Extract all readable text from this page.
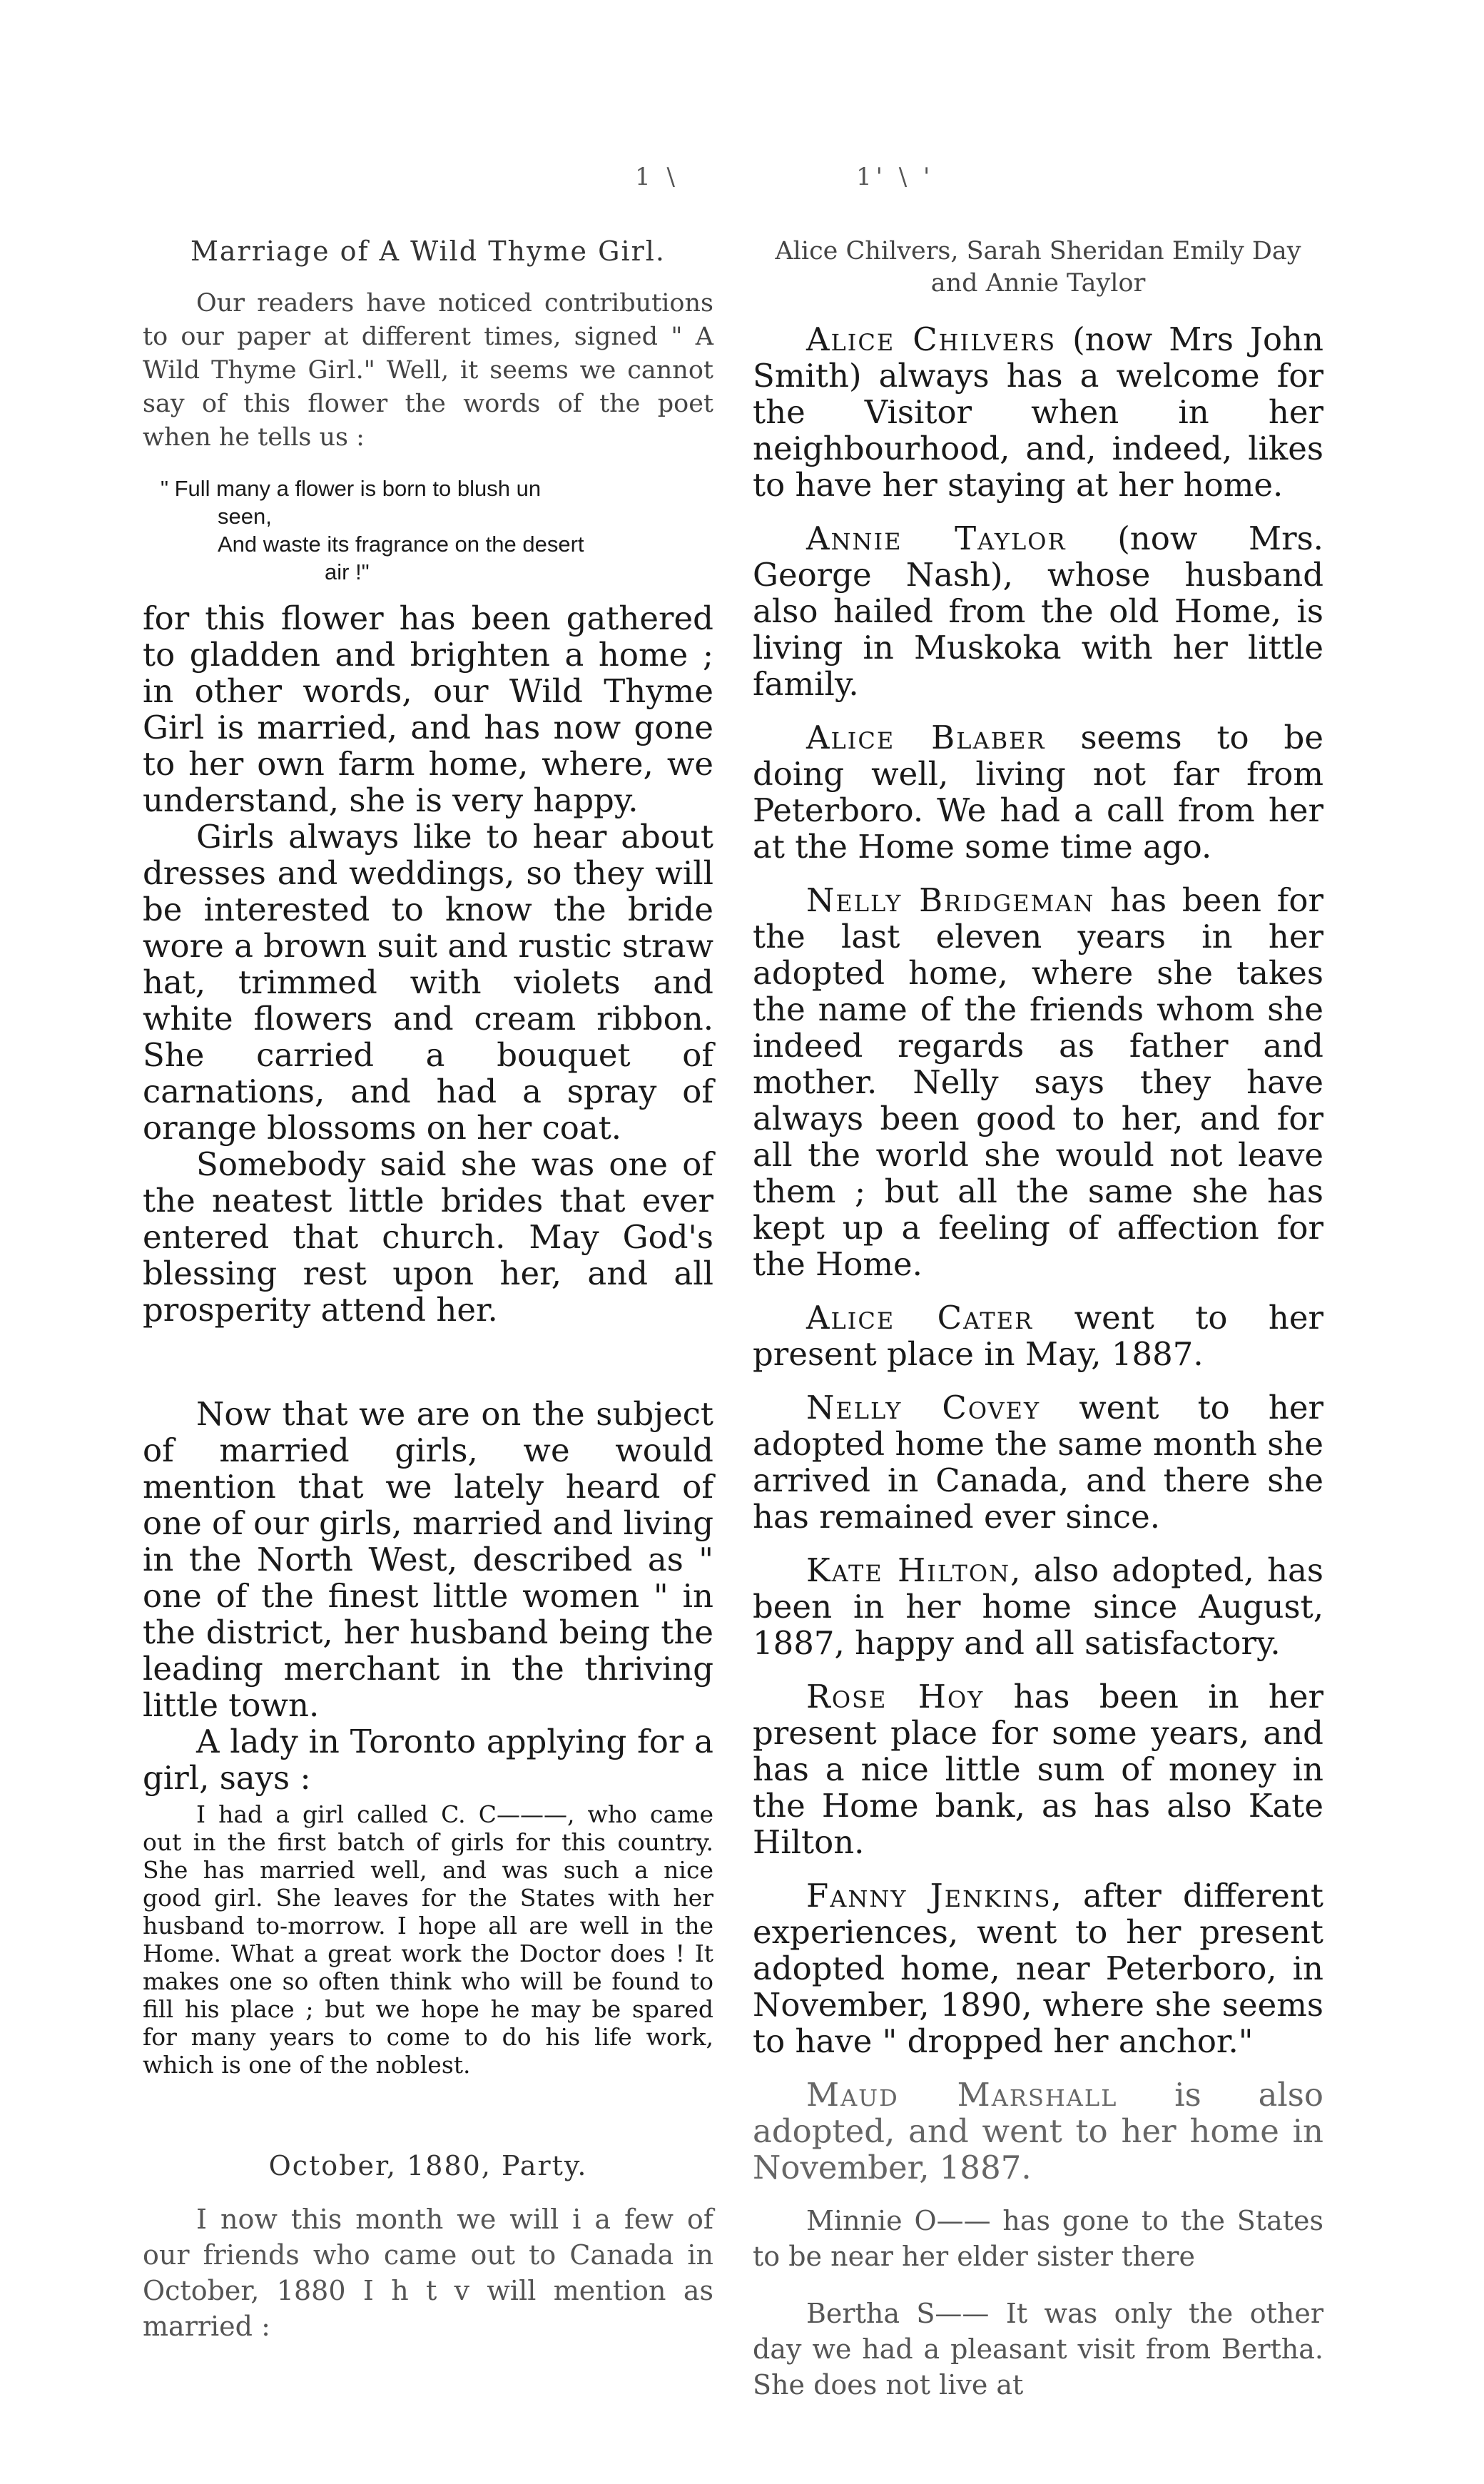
1 \	1' \ '
Marriage of A Wild Thyme Girl.

Our readers have noticed contributions to our paper at different times, signed " A Wild Thyme Girl." Well, it seems we cannot say of this flower the words of the poet when he tells us :

" Full many a flower is born to blush un
seen,
And waste its fragrance on the desert
air !"

for this flower has been gathered to gladden and brighten a home ; in other words, our Wild Thyme Girl is married, and has now gone to her own farm home, where, we understand, she is very happy.

Girls always like to hear about dresses and weddings, so they will be interested to know the bride wore a brown suit and rustic straw hat, trimmed with violets and white flowers and cream ribbon. She carried a bouquet of carnations, and had a spray of orange blossoms on her coat.

Somebody said she was one of the neatest little brides that ever entered that church. May God's blessing rest upon her, and all prosperity attend her.

Now that we are on the subject of married girls, we would mention that we lately heard of one of our girls, married and living in the North West, described as " one of the finest little women " in the district, her husband being the leading merchant in the thriving little town.

A lady in Toronto applying for a girl, says :

I had a girl called C. C———, who came out in the first batch of girls for this country. She has married well, and was such a nice good girl. She leaves for the States with her husband to-morrow. I hope all are well in the Home. What a great work the Doctor does ! It makes one so often think who will be found to fill his place ; but we hope he may be spared for many years to come to do his life work, which is one of the noblest.

October, 1880, Party.

I now this month we will i a few of our friends who came out to Canada in October, 1880 I h t v will mention as married :

Alice Chilvers, Sarah Sheridan Emily Day and Annie Taylor

Alice Chilvers (now Mrs John Smith) always has a welcome for the Visitor when in her neighbourhood, and, indeed, likes to have her staying at her home.

Annie Taylor (now Mrs. George Nash), whose husband also hailed from the old Home, is living in Muskoka with her little family.

Alice Blaber seems to be doing well, living not far from Peterboro. We had a call from her at the Home some time ago.

Nelly Bridgeman has been for the last eleven years in her adopted home, where she takes the name of the friends whom she indeed regards as father and mother. Nelly says they have always been good to her, and for all the world she would not leave them ; but all the same she has kept up a feeling of affection for the Home.

Alice Cater went to her present place in May, 1887.

Nelly Covey went to her adopted home the same month she arrived in Canada, and there she has remained ever since.

Kate Hilton, also adopted, has been in her home since August, 1887, happy and all satisfactory.

Rose Hoy has been in her present place for some years, and has a nice little sum of money in the Home bank, as has also Kate Hilton.

Fanny Jenkins, after different experiences, went to her present adopted home, near Peterboro, in November, 1890, where she seems to have " dropped her anchor."

Maud Marshall is also adopted, and went to her home in November, 1887.

Minnie O—— has gone to the States to be near her elder sister there

Bertha S—— It was only the other day we had a pleasant visit from Bertha. She does not live at
